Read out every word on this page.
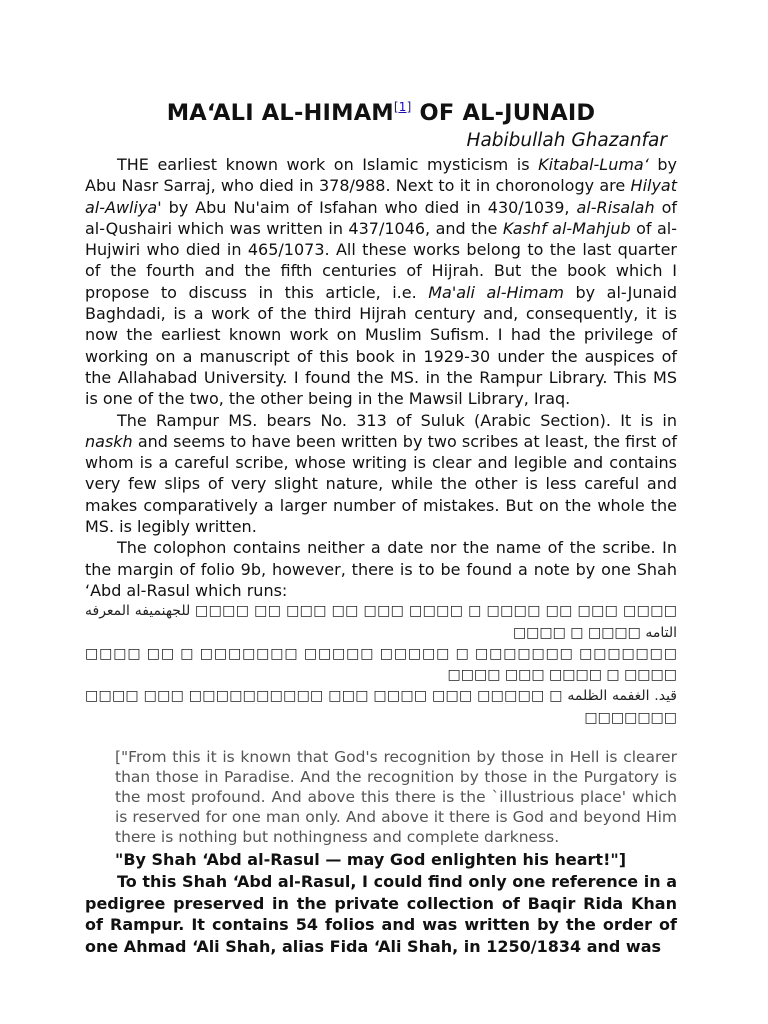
MA‘ALI AL-HIMAM[1] OF AL-JUNAID

Habibullah Ghazanfar

THE earliest known work on Islamic mysticism is Kitabal-Luma‘ by Abu Nasr Sarraj, who died in 378/988. Next to it in choronology are Hilyat al-Awliya' by Abu Nu'aim of Isfahan who died in 430/1039, al-Risalah of al-Qushairi which was written in 437/1046, and the Kashf al-Mahjub of al-Hujwiri who died in 465/1073. All these works belong to the last quarter of the fourth and the fifth centuries of Hijrah. But the book which I propose to discuss in this article, i.e. Ma'ali al-Himam by al-Junaid Baghdadi, is a work of the third Hijrah century and, consequently, it is now the earliest known work on Muslim Sufism. I had the privilege of working on a manuscript of this book in 1929-30 under the auspices of the Allahabad University. I found the MS. in the Rampur Library. This MS is one of the two, the other being in the Mawsil Library, Iraq.

The Rampur MS. bears No. 313 of Suluk (Arabic Section). It is in naskh and seems to have been written by two scribes at least, the first of whom is a careful scribe, whose writing is clear and legible and contains very few slips of very slight nature, while the other is less careful and makes comparatively a larger number of mistakes. But on the whole the MS. is legibly written.

The colophon contains neither a date nor the name of the scribe. In the margin of folio 9b, however, there is to be found a note by one Shah ‘Abd al-Rasul which runs:

□□□□ □□□ □□ □□□□ □ □□□□ □□□ □□ □□□ □□ □□□□ للجهنميفه المعرفه التامه □□□□ □ □□□□

□□□□□□□ □□□□□□□ □ □□□□□ □□□□□ □□□□□□□ □ □□ □□□□ □□□□ □ □□□□ □□□ □□□□

قيد. الغفمه الظلمه □ □□□□□ □□□ □□□□ □□□ □□□□□□□□□□ □□□ □□□□ □□□□□□□

["From this it is known that God's recognition by those in Hell is clearer than those in Paradise. And the recognition by those in the Purgatory is the most profound. And above this there is the `illustrious place' which is reserved for one man only. And above it there is God and beyond Him there is nothing but nothingness and complete darkness.

"By Shah ‘Abd al-Rasul — may God enlighten his heart!"]

To this Shah ‘Abd al-Rasul, I could find only one reference in a pedigree preserved in the private collection of Baqir Rida Khan of Rampur. It contains 54 folios and was written by the order of one Ahmad ‘Ali Shah, alias Fida ‘Ali Shah, in 1250/1834 and was
